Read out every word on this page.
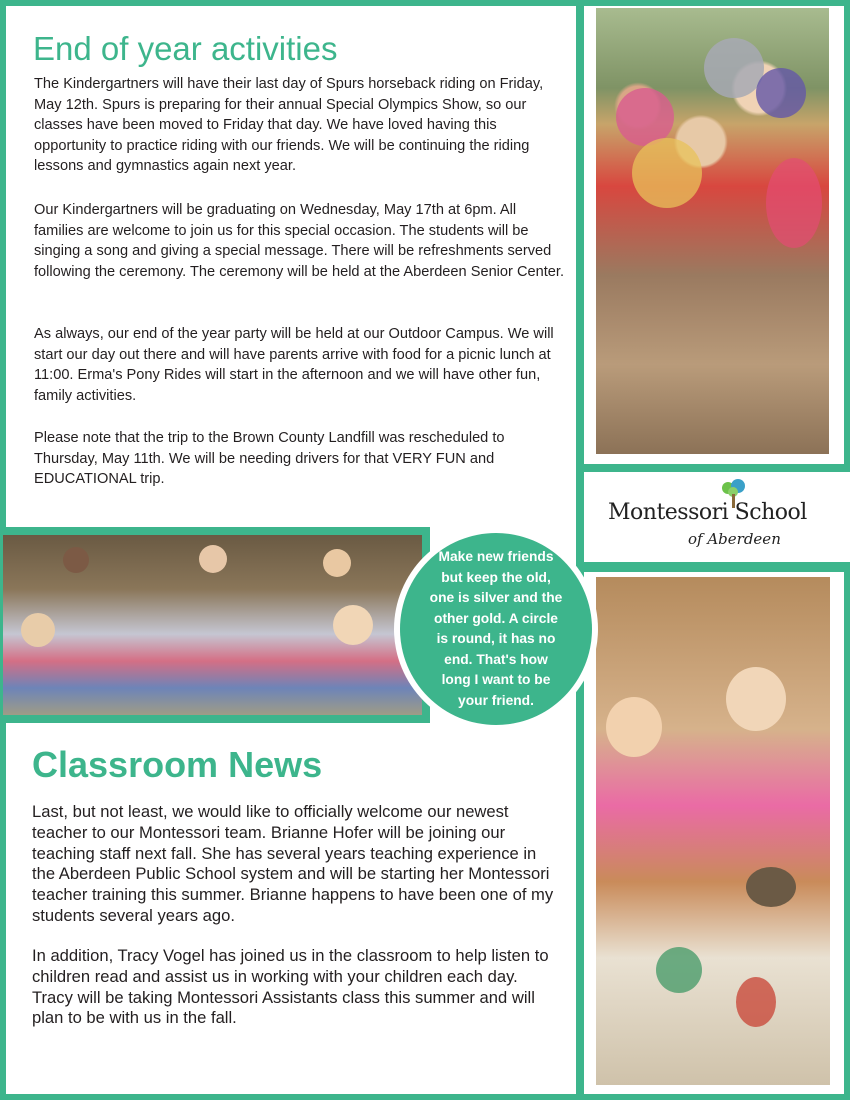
End of year activities

The Kindergartners will have their last day of Spurs horseback riding on Friday, May 12th. Spurs is preparing for their annual Special Olympics Show, so our classes have been moved to Friday that day. We have loved having this opportunity to practice riding with our friends. We will be continuing the riding lessons and gymnastics again next year.

Our Kindergartners will be graduating on Wednesday, May 17th at 6pm. All families are welcome to join us for this special occasion. The students will be singing a song and giving a special message. There will be refreshments served following the ceremony. The ceremony will be held at the Aberdeen Senior Center.

As always, our end of the year party will be held at our Outdoor Campus. We will start our day out there and will have parents arrive with food for a picnic lunch at 11:00. Erma's Pony Rides will start in the afternoon and we will have other fun, family activities.

Please note that the trip to the Brown County Landfill was rescheduled to Thursday, May 11th. We will be needing drivers for that VERY FUN and EDUCATIONAL trip.

Montessori School
of Aberdeen
Make new friends but keep the old, one is silver and the other gold. A circle is round, it has no end. That's how long I want to be your friend.
Classroom News

Last, but not least, we would like to officially welcome our newest teacher to our Montessori team. Brianne Hofer will be joining our teaching staff next fall. She has several years teaching experience in the Aberdeen Public School system and will be starting her Montessori teacher training this summer. Brianne happens to have been one of my students several years ago.

In addition, Tracy Vogel has joined us in the classroom to help listen to children read and assist us in working with your children each day. Tracy will be taking Montessori Assistants class this summer and will plan to be with us in the fall.
